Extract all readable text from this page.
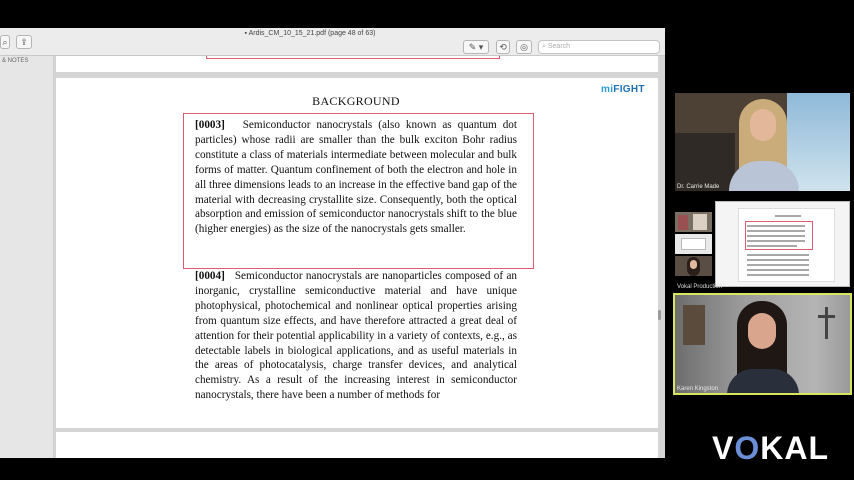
⌕	⇪
▪ Ardis_CM_10_15_21.pdf (page 48 of 63)
✎ ▾	⟲	◎	⌕ Search
& NOTES
miFIGHT
BACKGROUND
[0003] Semiconductor nanocrystals (also known as quantum dot particles) whose radii are smaller than the bulk exciton Bohr radius constitute a class of materials intermediate between molecular and bulk forms of matter. Quantum confinement of both the electron and hole in all three dimensions leads to an increase in the effective band gap of the material with decreasing crystallite size. Consequently, both the optical absorption and emission of semiconductor nanocrystals shift to the blue (higher energies) as the size of the nanocrystals gets smaller.
[0004] Semiconductor nanocrystals are nanoparticles composed of an inorganic, crystalline semiconductive material and have unique photophysical, photochemical and nonlinear optical properties arising from quantum size effects, and have therefore attracted a great deal of attention for their potential applicability in a variety of contexts, e.g., as detectable labels in biological applications, and as useful materials in the areas of photocatalysis, charge transfer devices, and analytical chemistry. As a result of the increasing interest in semiconductor nanocrystals, there have been a number of methods for
Dr. Carrie Made
Vokal Production
Karen Kingston
VOKAL
